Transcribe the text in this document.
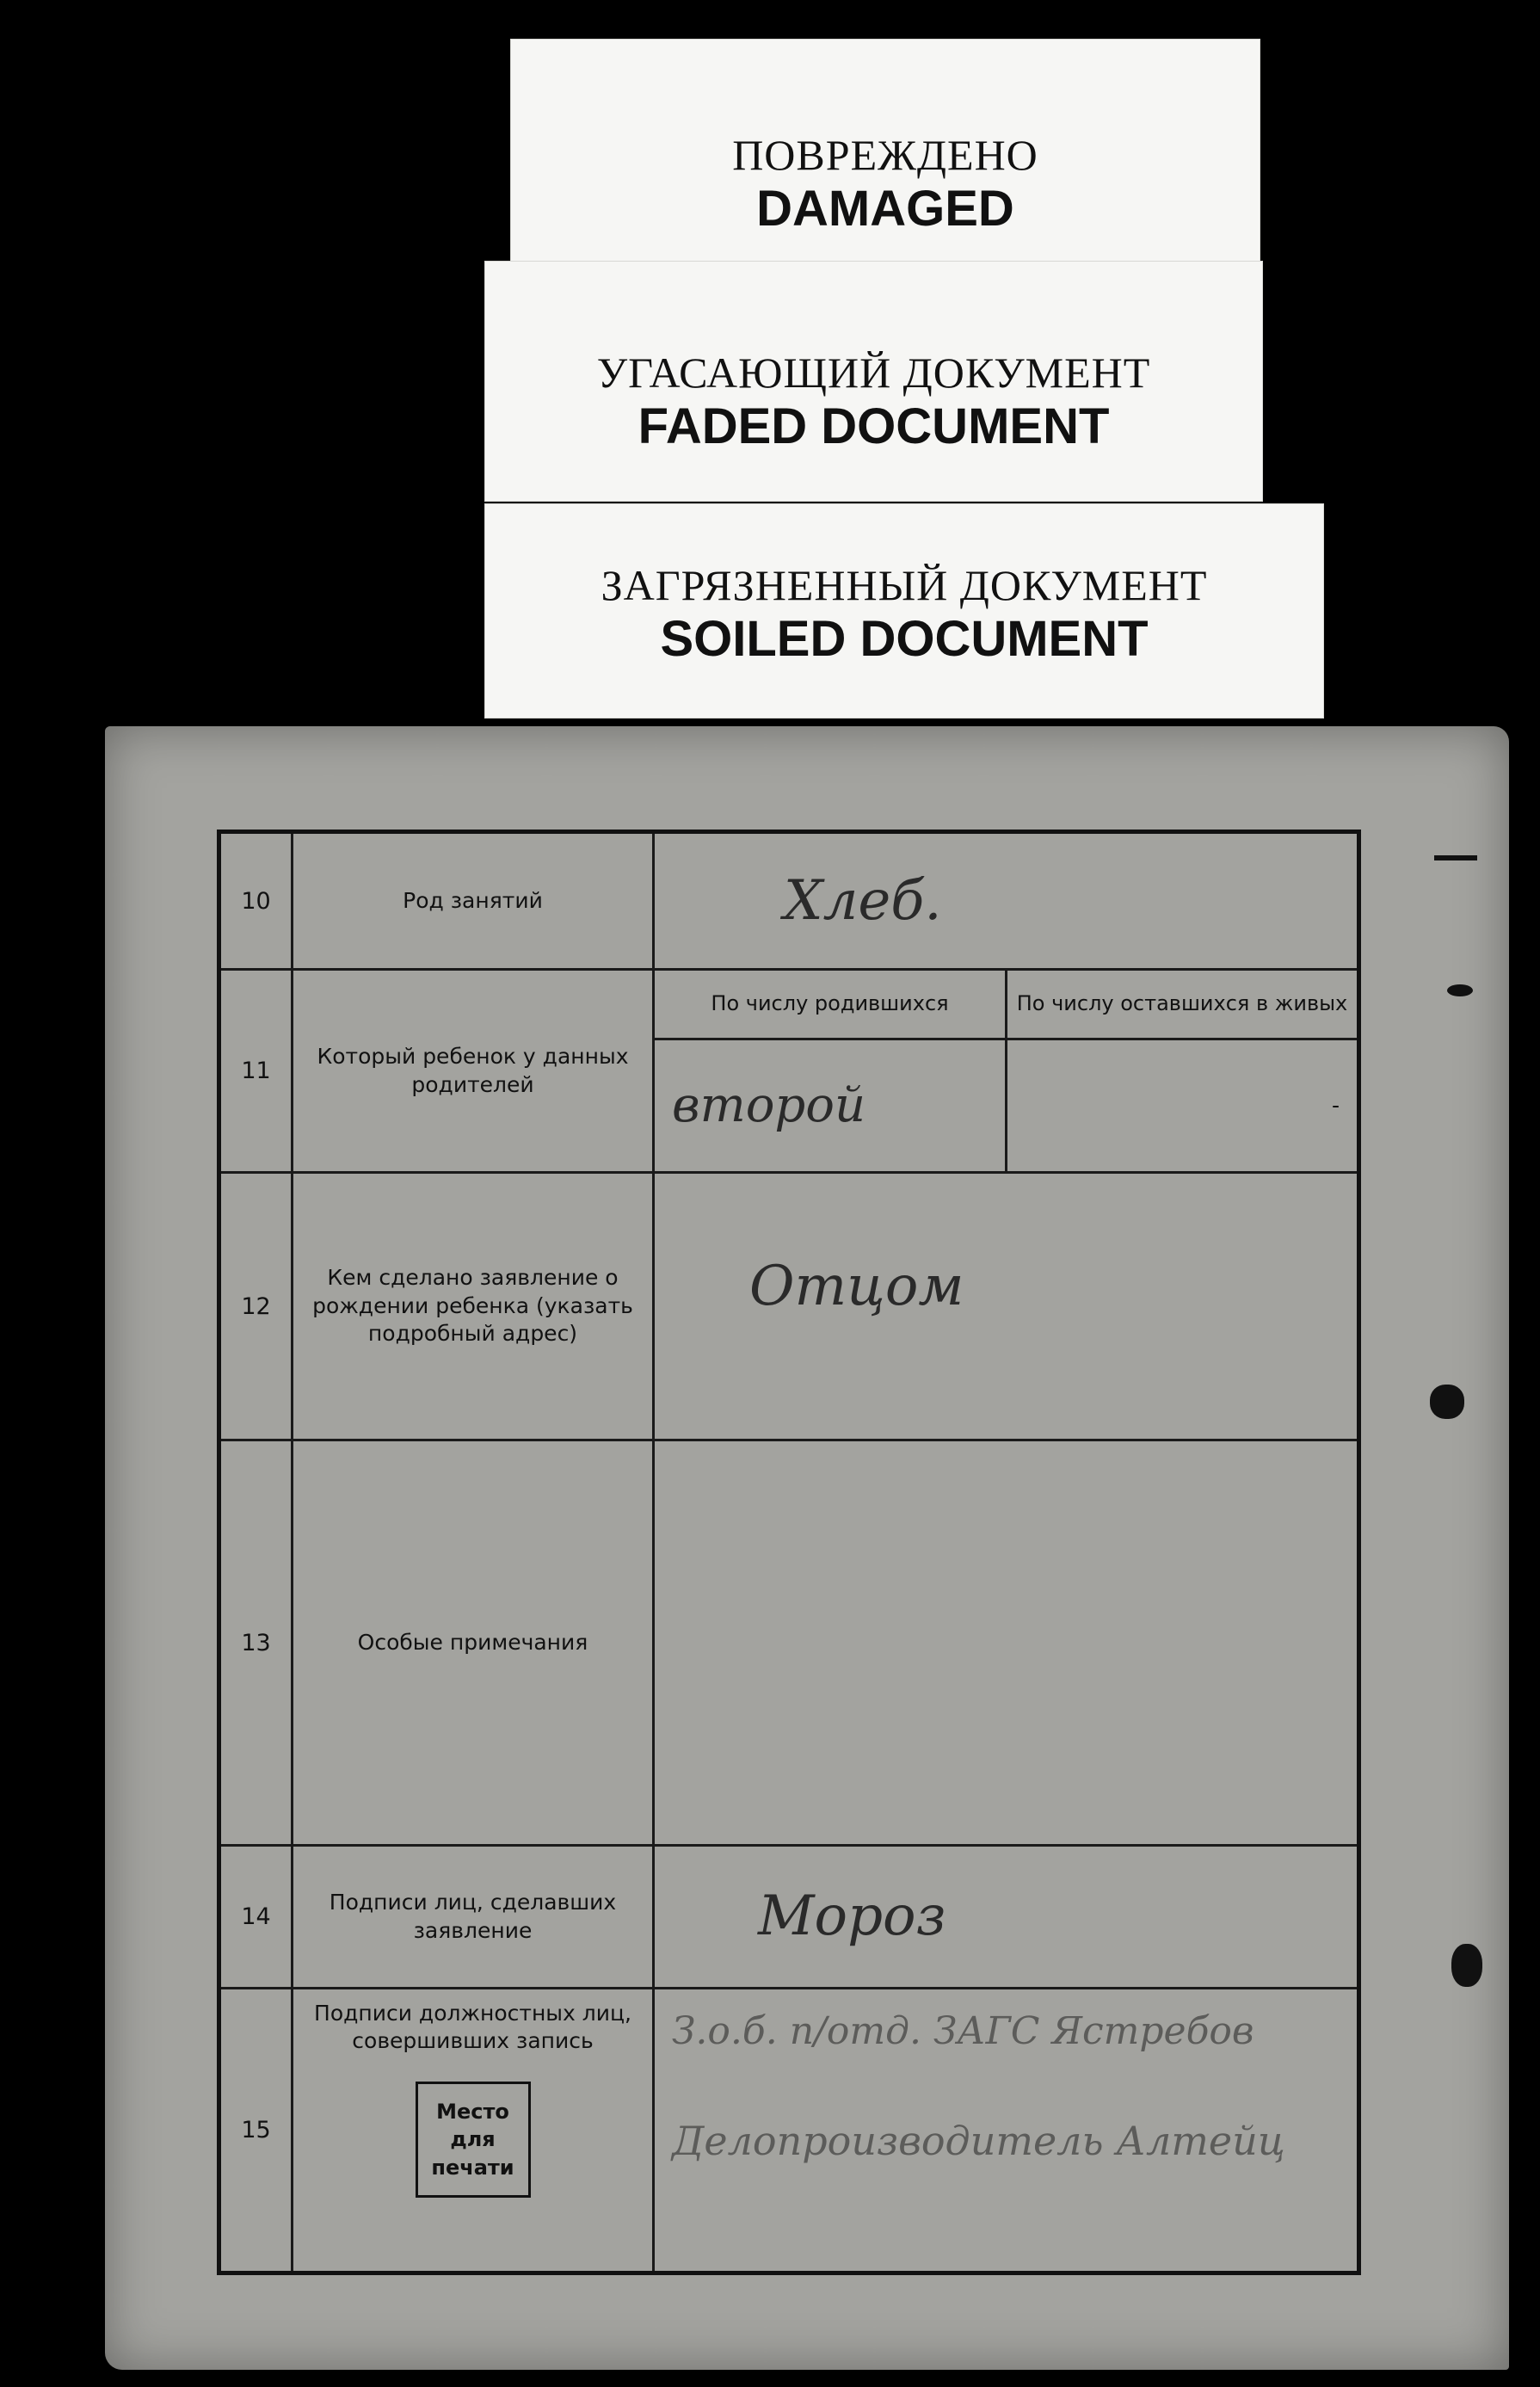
ПОВРЕЖДЕНО
DAMAGED
УГАСАЮЩИЙ ДОКУМЕНТ
FADED DOCUMENT
ЗАГРЯЗНЕННЫЙ ДОКУМЕНТ
SOILED DOCUMENT
10	Род занятий	Хлеб.	

11	Который ребенок у данных родителей	По числу родившихся	По числу оставшихся в живых

		второй	-
12	Кем сделано заявление о рождении ребенка (указать подробный адрес)	Отцом	

13	Особые примечания		
14	Подписи лиц, сделавших заявление	Мороз	

15	Подписи должностных лиц, совершивших запись
Место для печати	З.о.б. п/отд. ЗАГС Ястребов
Делопроизводитель Алтейц	
